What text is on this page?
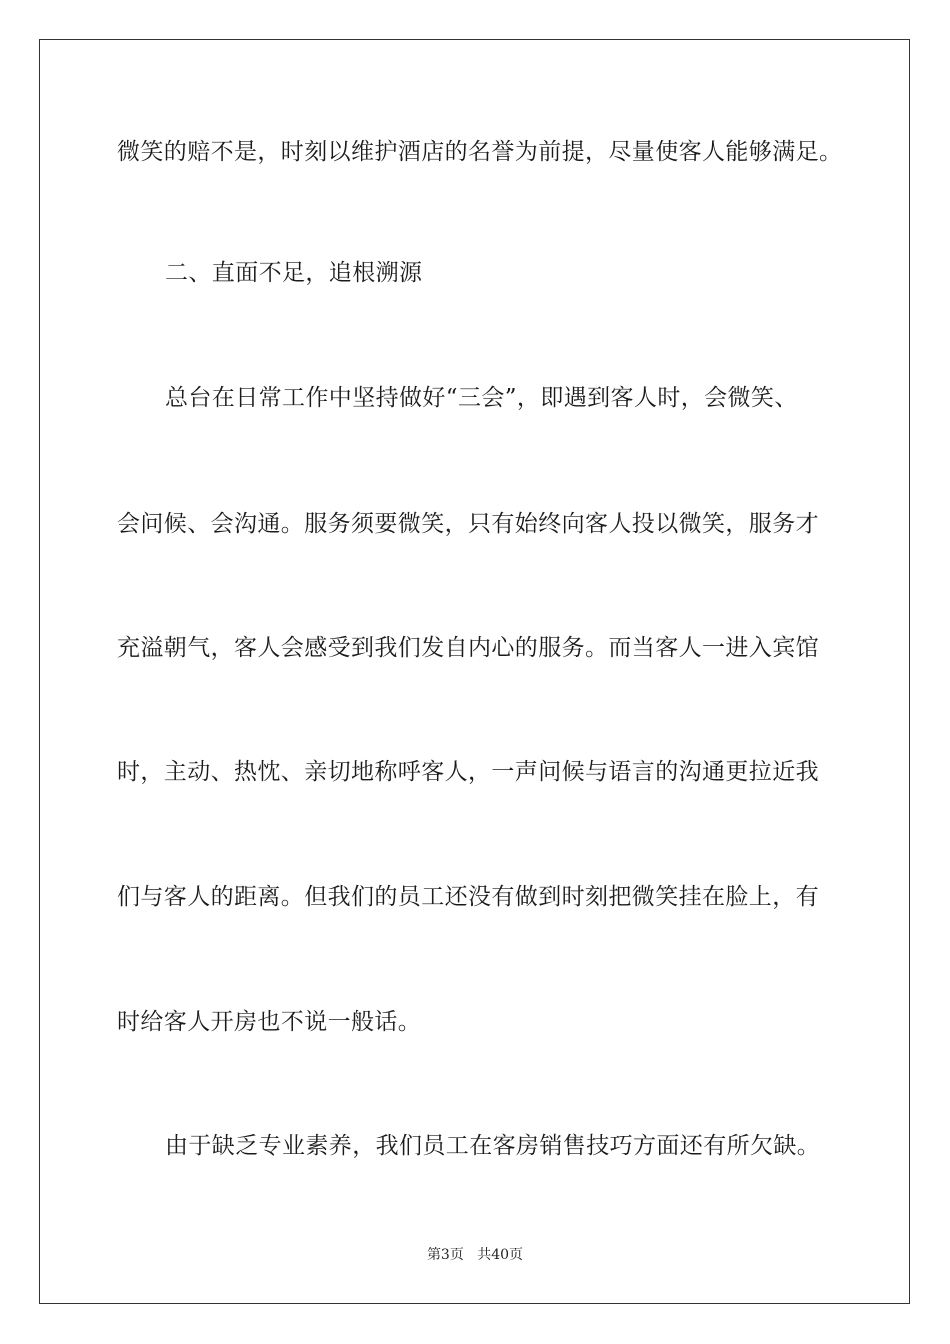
微笑的赔不是，时刻以维护酒店的名誉为前提，尽量使客人能够满足。
二、直面不足，追根溯源
总台在日常工作中坚持做好“三会”，即遇到客人时，会微笑、
会问候、会沟通。服务须要微笑，只有始终向客人投以微笑，服务才
充溢朝气，客人会感受到我们发自内心的服务。而当客人一进入宾馆
时，主动、热忱、亲切地称呼客人，一声问候与语言的沟通更拉近我
们与客人的距离。但我们的员工还没有做到时刻把微笑挂在脸上，有
时给客人开房也不说一般话。
由于缺乏专业素养，我们员工在客房销售技巧方面还有所欠缺。
第3页 共40页
